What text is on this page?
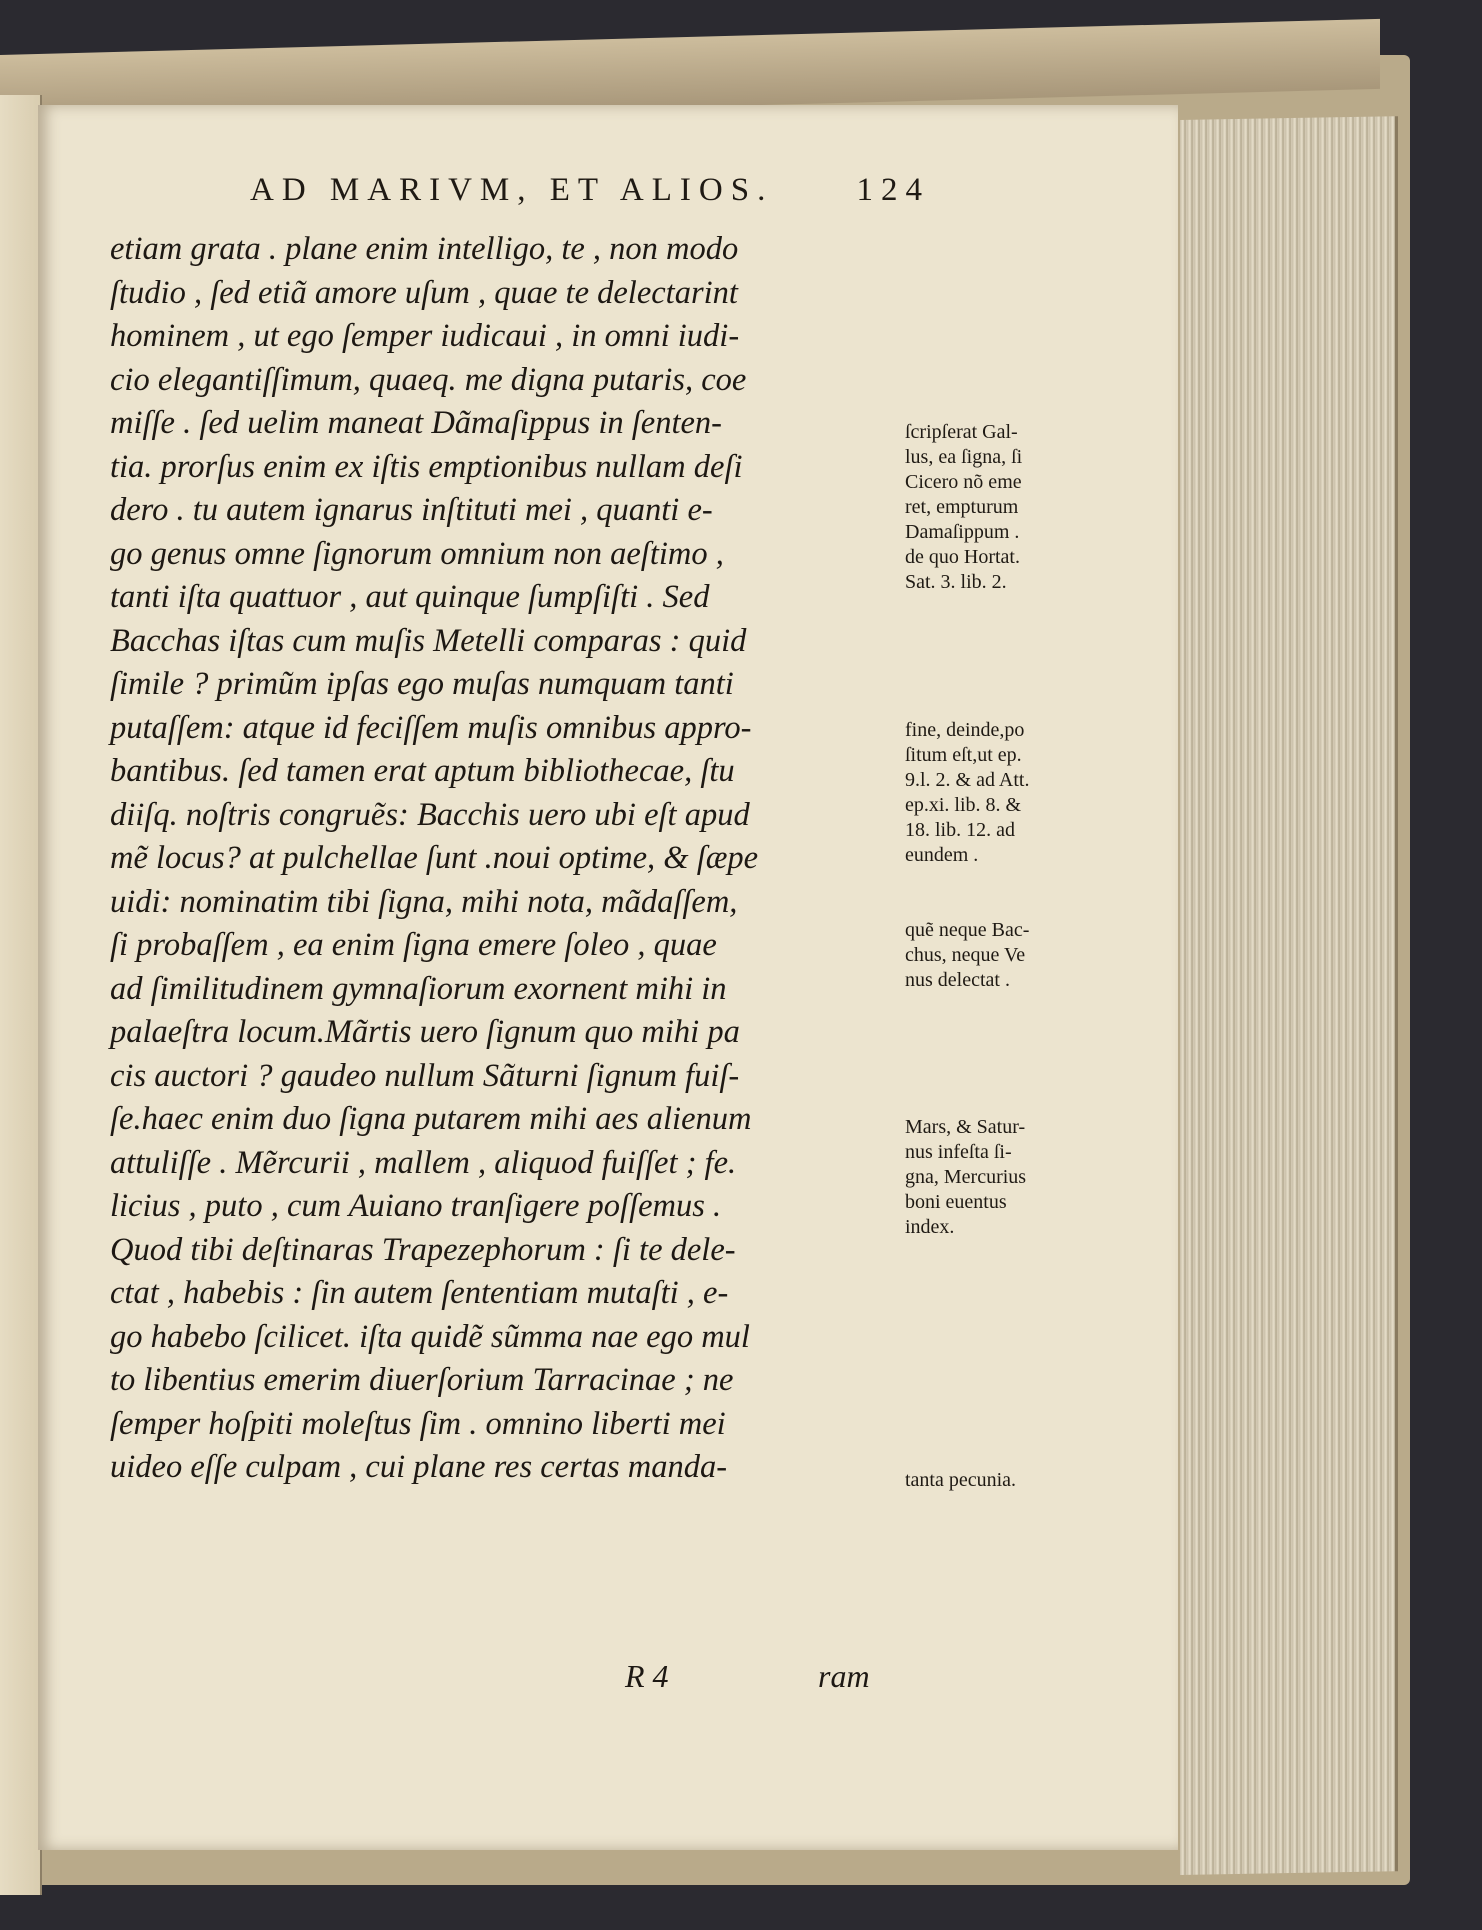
AD MARIVM, ET ALIOS.	124
etiam grata . plane enim intelligo, te , non modo
ſtudio , ſed etiã amore uſum , quae te delectarint
hominem , ut ego ſemper iudicaui , in omni iudi-
cio elegantiſſimum, quaeq. me digna putaris, coe
miſſe . ſed uelim maneat Dãmaſippus in ſenten-
tia. prorſus enim ex iſtis emptionibus nullam deſi
dero . tu autem ignarus inſtituti mei , quanti e-
go genus omne ſignorum omnium non aeſtimo ,
tanti iſta quattuor , aut quinque ſumpſiſti . Sed
Bacchas iſtas cum muſis Metelli comparas : quid
ſimile ? primũm ipſas ego muſas numquam tanti
putaſſem: atque id feciſſem muſis omnibus appro-
bantibus. ſed tamen erat aptum bibliothecae, ſtu
diiſq. noſtris congruẽs: Bacchis uero ubi eſt apud
mẽ locus? at pulchellae ſunt .noui optime, & ſæpe
uidi: nominatim tibi ſigna, mihi nota, mãdaſſem,
ſi probaſſem , ea enim ſigna emere ſoleo , quae
ad ſimilitudinem gymnaſiorum exornent mihi in
palaeſtra locum.Mãrtis uero ſignum quo mihi pa
cis auctori ? gaudeo nullum Sãturni ſignum fuiſ-
ſe.haec enim duo ſigna putarem mihi aes alienum
attuliſſe . Mẽrcurii , mallem , aliquod fuiſſet ; fe.
licius , puto , cum Auiano tranſigere poſſemus .
Quod tibi deſtinaras Trapezephorum : ſi te dele-
ctat , habebis : ſin autem ſententiam mutaſti , e-
go habebo ſcilicet. iſta quidẽ sũmma nae ego mul
to libentius emerim diuerſorium Tarracinae ; ne
ſemper hoſpiti moleſtus ſim . omnino liberti mei
uideo eſſe culpam , cui plane res certas manda-
ſcripſerat Gal-
lus, ea ſigna, ſi
Cicero nõ eme
ret, empturum
Damaſippum .
de quo Hortat.
Sat. 3. lib. 2.
fine, deinde,po
ſitum eſt,ut ep.
9.l. 2. & ad Att.
ep.xi. lib. 8. &
18. lib. 12. ad
eundem .
quẽ neque Bac-
chus, neque Ve
nus delectat .
Mars, & Satur-
nus infeſta ſi-
gna, Mercurius
boni euentus
index.
tanta pecunia.
R 4	ram
